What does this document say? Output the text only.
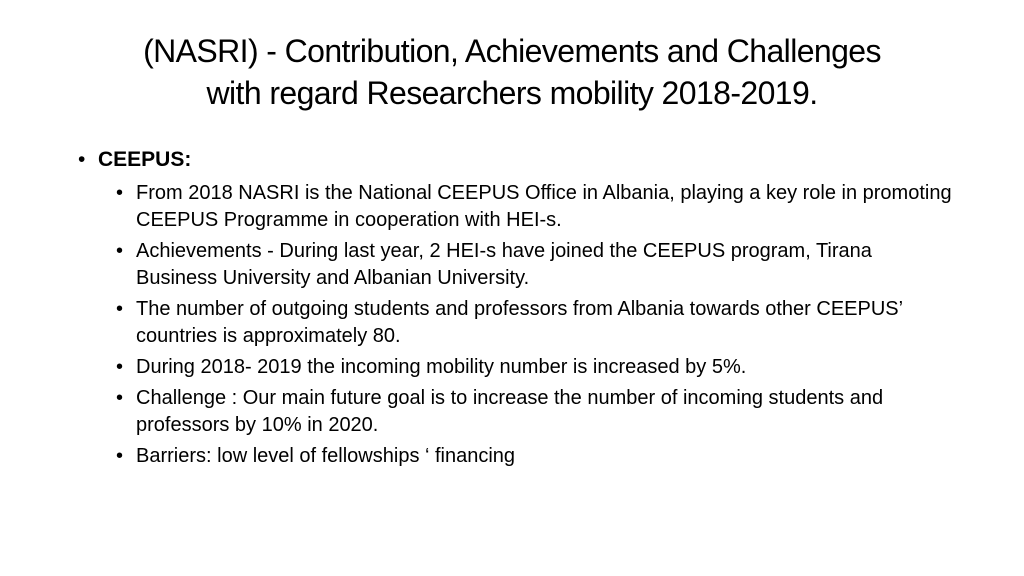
(NASRI) - Contribution, Achievements and Challenges
with regard Researchers mobility 2018-2019.
• CEEPUS:
• From 2018 NASRI is the National CEEPUS Office in Albania, playing a key role in promoting CEEPUS Programme in cooperation with HEI-s.
• Achievements - During last year, 2 HEI-s have joined the CEEPUS program, Tirana Business University and Albanian University.
• The number of outgoing students and professors from Albania towards other CEEPUS’ countries is approximately 80.
• During 2018- 2019 the incoming mobility number is increased by 5%.
• Challenge : Our main future goal is to increase the number of incoming students and professors by 10% in 2020.
• Barriers: low level of fellowships ‘ financing
